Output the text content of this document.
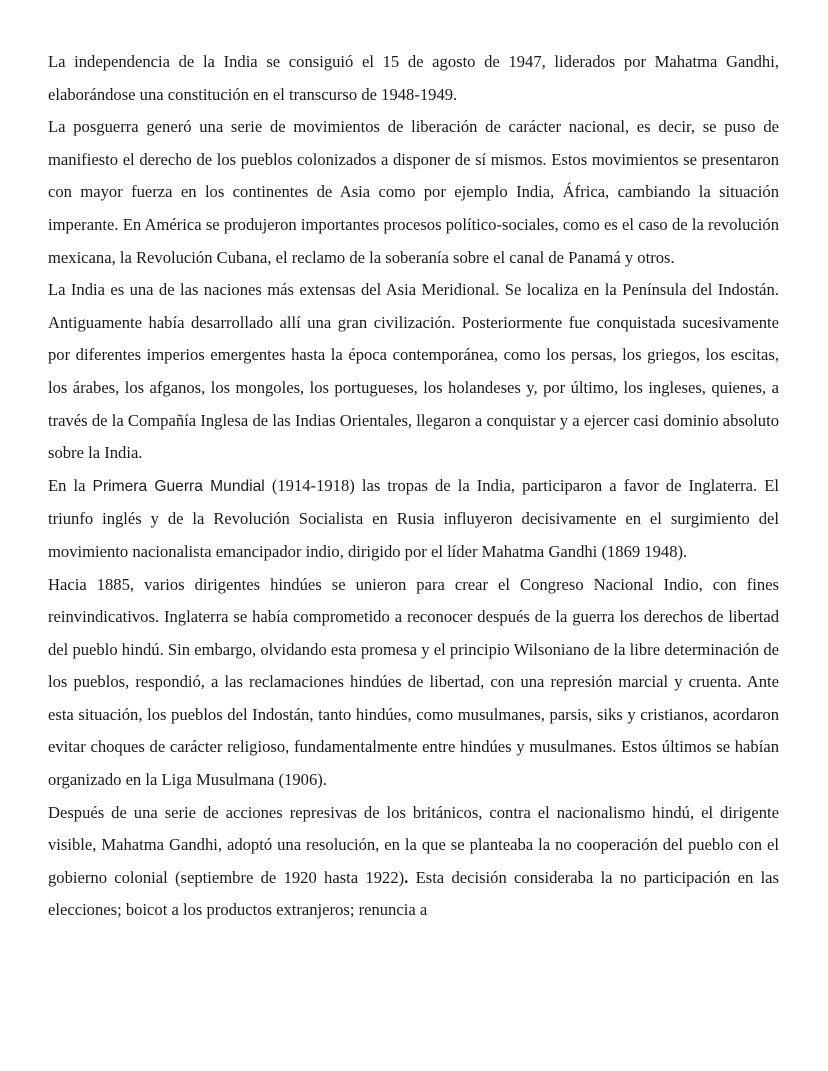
La independencia de la India se consiguió el 15 de agosto de 1947, liderados por Mahatma Gandhi, elaborándose una constitución en el transcurso de 1948-1949.

La posguerra generó una serie de movimientos de liberación de carácter nacional, es decir, se puso de manifiesto el derecho de los pueblos colonizados a disponer de sí mismos. Estos movimientos se presentaron con mayor fuerza en los continentes de Asia como por ejemplo India, África, cambiando la situación imperante. En América se produjeron importantes procesos político-sociales, como es el caso de la revolución mexicana, la Revolución Cubana, el reclamo de la soberanía sobre el canal de Panamá y otros.

La India es una de las naciones más extensas del Asia Meridional. Se localiza en la Península del Indostán. Antiguamente había desarrollado allí una gran civilización. Posteriormente fue conquistada sucesivamente por diferentes imperios emergentes hasta la época contemporánea, como los persas, los griegos, los escitas, los árabes, los afganos, los mongoles, los portugueses, los holandeses y, por último, los ingleses, quienes, a través de la Compañía Inglesa de las Indias Orientales, llegaron a conquistar y a ejercer casi dominio absoluto sobre la India.

En la Primera Guerra Mundial (1914-1918) las tropas de la India, participaron a favor de Inglaterra. El triunfo inglés y de la Revolución Socialista en Rusia influyeron decisivamente en el surgimiento del movimiento nacionalista emancipador indio, dirigido por el líder Mahatma Gandhi (1869 1948).

Hacia 1885, varios dirigentes hindúes se unieron para crear el Congreso Nacional Indio, con fines reinvindicativos. Inglaterra se había comprometido a reconocer después de la guerra los derechos de libertad del pueblo hindú. Sin embargo, olvidando esta promesa y el principio Wilsoniano de la libre determinación de los pueblos, respondió, a las reclamaciones hindúes de libertad, con una represión marcial y cruenta. Ante esta situación, los pueblos del Indostán, tanto hindúes, como musulmanes, parsis, siks y cristianos, acordaron evitar choques de carácter religioso, fundamentalmente entre hindúes y musulmanes. Estos últimos se habían organizado en la Liga Musulmana (1906).

Después de una serie de acciones represivas de los británicos, contra el nacionalismo hindú, el dirigente visible, Mahatma Gandhi, adoptó una resolución, en la que se planteaba la no cooperación del pueblo con el gobierno colonial (septiembre de 1920 hasta 1922). Esta decisión consideraba la no participación en las elecciones; boicot a los productos extranjeros; renuncia a
